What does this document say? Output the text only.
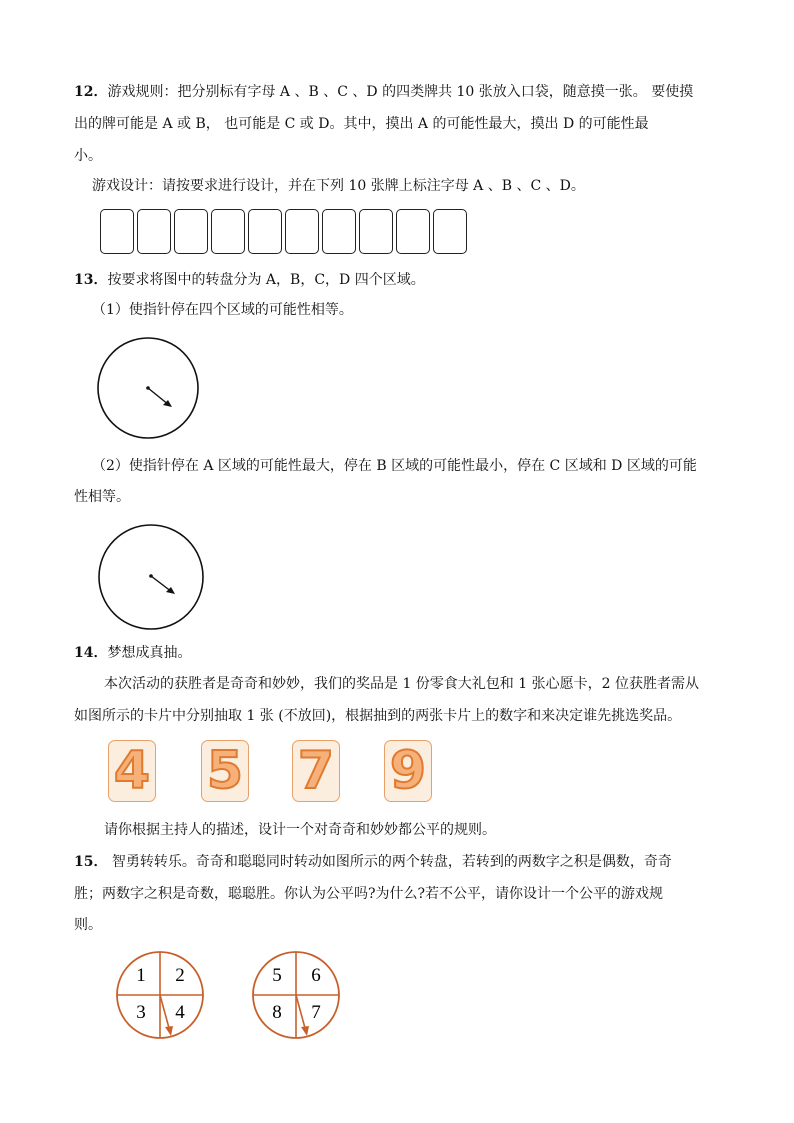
12．游戏规则：把分别标有字母 A 、B 、C 、D 的四类牌共 10 张放入口袋，随意摸一张。 要使摸
出的牌可能是 A 或 B， 也可能是 C 或 D。其中，摸出 A 的可能性最大，摸出 D 的可能性最
小。
游戏设计：请按要求进行设计，并在下列 10 张牌上标注字母 A 、B 、C 、D。
13．按要求将图中的转盘分为 A，B，C，D 四个区域。
（1）使指针停在四个区域的可能性相等。
（2）使指针停在 A 区域的可能性最大，停在 B 区域的可能性最小，停在 C 区域和 D 区域的可能
性相等。
14．梦想成真抽。
本次活动的获胜者是奇奇和妙妙，我们的奖品是 1 份零食大礼包和 1 张心愿卡，2 位获胜者需从
如图所示的卡片中分别抽取 1 张 (不放回)，根据抽到的两张卡片上的数字和来决定谁先挑选奖品。
4 5 7 9
请你根据主持人的描述，设计一个对奇奇和妙妙都公平的规则。
15． 智勇转转乐。奇奇和聪聪同时转动如图所示的两个转盘，若转到的两数字之积是偶数，奇奇
胜；两数字之积是奇数，聪聪胜。你认为公平吗?为什么?若不公平，请你设计一个公平的游戏规
则。
1 2
3 4
5 6
8 7
